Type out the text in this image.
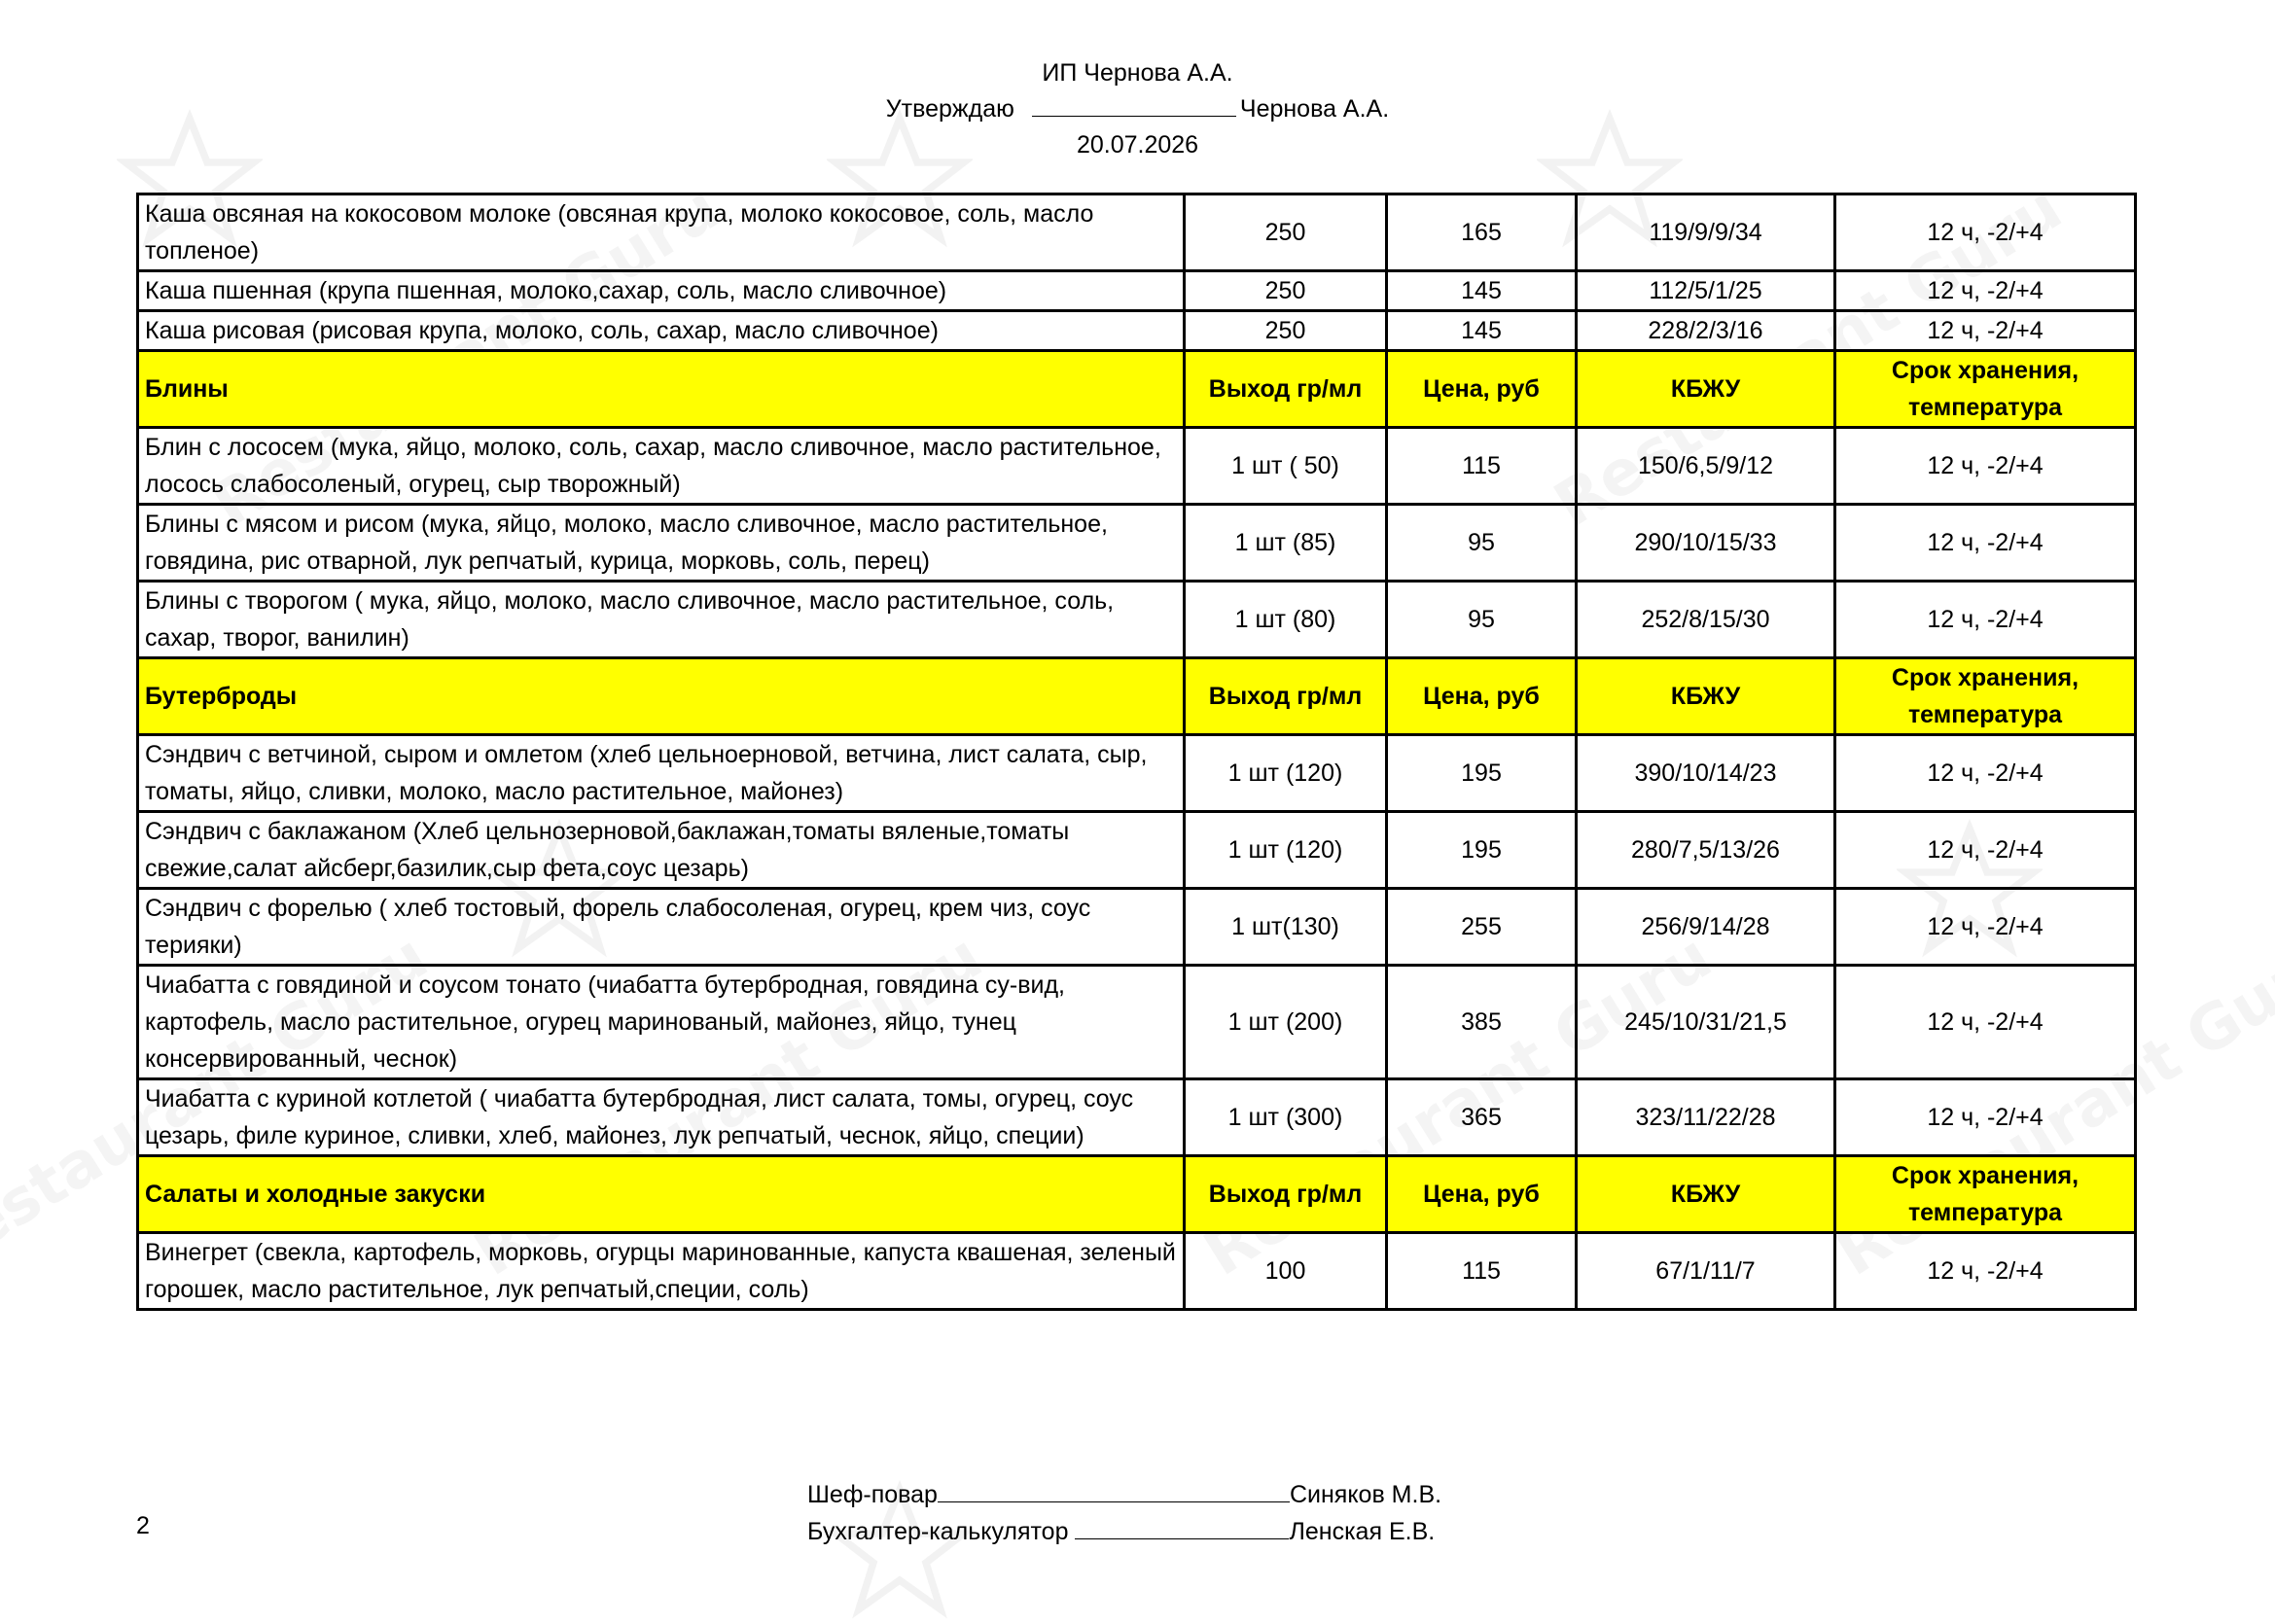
ИП Чернова А.А.
Утверждаю	Чернова А.А.
20.07.2026
Каша овсяная на кокосовом молоке (овсяная крупа, молоко кокосовое, соль, масло топленое)	250	165	119/9/9/34	12 ч, -2/+4
Каша пшенная (крупа пшенная, молоко,сахар, соль, масло сливочное)	250	145	112/5/1/25	12 ч, -2/+4
Каша рисовая (рисовая крупа, молоко, соль, сахар, масло сливочное)	250	145	228/2/3/16	12 ч, -2/+4
Блины	Выход гр/мл	Цена, руб	КБЖУ	Срок хранения,
температура

Блин с лососем (мука, яйцо, молоко, соль, сахар, масло сливочное, масло растительное, лосось слабосоленый, огурец, сыр творожный)	1 шт ( 50)	115	150/6,5/9/12	12 ч, -2/+4
Блины с мясом и рисом (мука, яйцо, молоко, масло сливочное, масло растительное, говядина, рис отварной, лук репчатый, курица, морковь, соль, перец)	1 шт (85)	95	290/10/15/33	12 ч, -2/+4
Блины с творогом ( мука, яйцо, молоко, масло сливочное, масло растительное, соль, сахар, творог, ванилин)	1 шт (80)	95	252/8/15/30	12 ч, -2/+4
Бутерброды	Выход гр/мл	Цена, руб	КБЖУ	Срок хранения,
температура

Сэндвич с ветчиной, сыром и омлетом (хлеб цельноерновой, ветчина, лист салата, сыр, томаты, яйцо, сливки, молоко, масло растительное, майонез)	1 шт (120)	195	390/10/14/23	12 ч, -2/+4
Сэндвич с баклажаном (Хлеб цельнозерновой,баклажан,томаты вяленые,томаты свежие,салат айсберг,базилик,сыр фета,соус цезарь)	1 шт (120)	195	280/7,5/13/26	12 ч, -2/+4
Сэндвич с форелью ( хлеб тостовый, форель слабосоленая, огурец, крем чиз, соус терияки)	1 шт(130)	255	256/9/14/28	12 ч, -2/+4
Чиабатта с говядиной и соусом тонато (чиабатта бутербродная, говядина су-вид, картофель, масло растительное, огурец маринованый, майонез, яйцо, тунец консервированный, чеснок)	1 шт (200)	385	245/10/31/21,5	12 ч, -2/+4
Чиабатта с куриной котлетой ( чиабатта бутербродная, лист салата, томы, огурец, соус цезарь, филе куриное, сливки, хлеб, майонез, лук репчатый, чеснок, яйцо, специи)	1 шт (300)	365	323/11/22/28	12 ч, -2/+4
Салаты и холодные закуски	Выход гр/мл	Цена, руб	КБЖУ	Срок хранения,
температура

Винегрет (свекла, картофель, морковь, огурцы маринованные, капуста квашеная, зеленый горошек, масло растительное, лук репчатый,специи, соль)	100	115	67/1/11/7	12 ч, -2/+4
Шеф-повар	Синяков М.В.
Бухгалтер-калькулятор	Ленская Е.В.
2
